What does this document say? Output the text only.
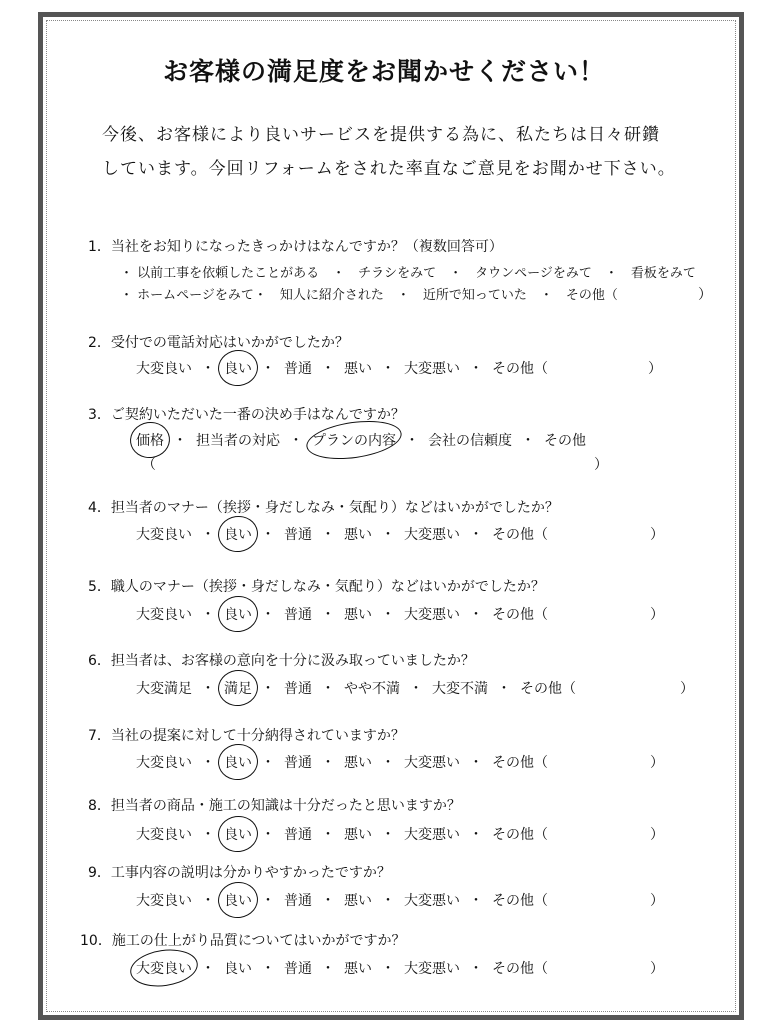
お客様の満足度をお聞かせください！
今後、お客様により良いサービスを提供する為に、私たちは日々研鑽
しています。今回リフォームをされた率直なご意見をお聞かせ下さい。
1．当社をお知りになったきっかけはなんですか？（複数回答可）
・ 以前工事を依頼したことがある　・　チラシをみて　・　タウンページをみて　・　看板をみて
・ ホームページをみて・　知人に紹介された　・　近所で知っていた　・　その他（	）
2．受付での電話対応はいかがでしたか？
大変良い ・ 良い ・ 普通 ・ 悪い ・ 大変悪い ・ その他（	）
3．ご契約いただいた一番の決め手はなんですか？
価格 ・ 担当者の対応 ・ プランの内容 ・ 会社の信頼度 ・ その他
（	）
4．担当者のマナー（挨拶・身だしなみ・気配り）などはいかがでしたか？
大変良い ・ 良い ・ 普通 ・ 悪い ・ 大変悪い ・ その他（	）
5．職人のマナー（挨拶・身だしなみ・気配り）などはいかがでしたか？
大変良い ・ 良い ・ 普通 ・ 悪い ・ 大変悪い ・ その他（	）
6．担当者は、お客様の意向を十分に汲み取っていましたか？
大変満足 ・ 満足 ・ 普通 ・ やや不満 ・ 大変不満 ・ その他（	）
7．当社の提案に対して十分納得されていますか？
大変良い ・ 良い ・ 普通 ・ 悪い ・ 大変悪い ・ その他（	）
8．担当者の商品・施工の知識は十分だったと思いますか？
大変良い ・ 良い ・ 普通 ・ 悪い ・ 大変悪い ・ その他（	）
9．工事内容の説明は分かりやすかったですか？
大変良い ・ 良い ・ 普通 ・ 悪い ・ 大変悪い ・ その他（	）
10．施工の仕上がり品質についてはいかがですか？
大変良い ・ 良い ・ 普通 ・ 悪い ・ 大変悪い ・ その他（	）
